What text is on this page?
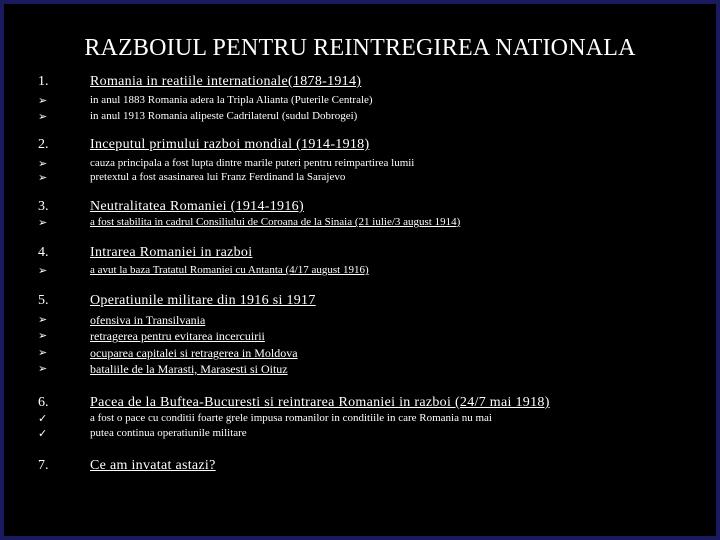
RAZBOIUL PENTRU REINTREGIREA NATIONALA
1.	Romania in reatiile internationale(1878-1914)
➢	in anul 1883 Romania adera la Tripla Alianta (Puterile Centrale)
➢	in anul 1913 Romania alipeste Cadrilaterul (sudul Dobrogei)
2.	Inceputul primului razboi mondial (1914-1918)
➢	cauza principala a fost lupta dintre marile puteri pentru reimpartirea lumii
➢	pretextul a fost asasinarea lui Franz Ferdinand la Sarajevo
3.	Neutralitatea Romaniei (1914-1916)
➢	a fost stabilita in cadrul Consiliului de Coroana de la Sinaia (21 iulie/3 august 1914)
4.	Intrarea Romaniei in razboi
➢	a avut la baza Tratatul Romaniei cu Antanta (4/17 august 1916)
5.	Operatiunile militare din 1916 si 1917
➢	ofensiva in Transilvania
➢	retragerea pentru evitarea incercuirii
➢	ocuparea capitalei si retragerea in Moldova
➢	bataliile de la Marasti, Marasesti si Oituz
6.	Pacea de la Buftea-Bucuresti si reintrarea Romaniei in razboi (24/7 mai 1918)
✓	a fost o pace cu conditii foarte grele impusa romanilor in conditiile in care Romania nu mai
✓	putea continua operatiunile militare
7.	Ce am invatat astazi?
